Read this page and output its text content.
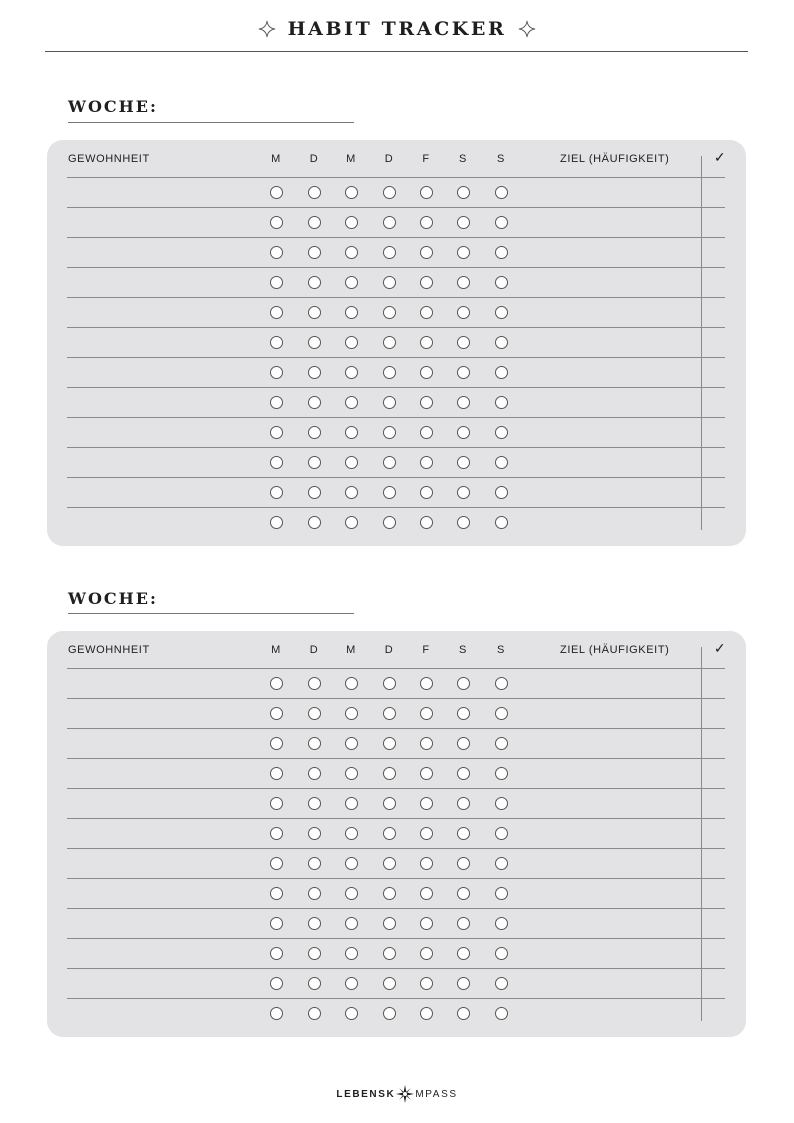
HABIT TRACKER
WOCHE:
GEWOHNHEIT	M	D	M	D	F	S	S	ZIEL (HÄUFIGKEIT)	✓
WOCHE:
GEWOHNHEIT	M	D	M	D	F	S	S	ZIEL (HÄUFIGKEIT)	✓
LEBENSK MPASS
